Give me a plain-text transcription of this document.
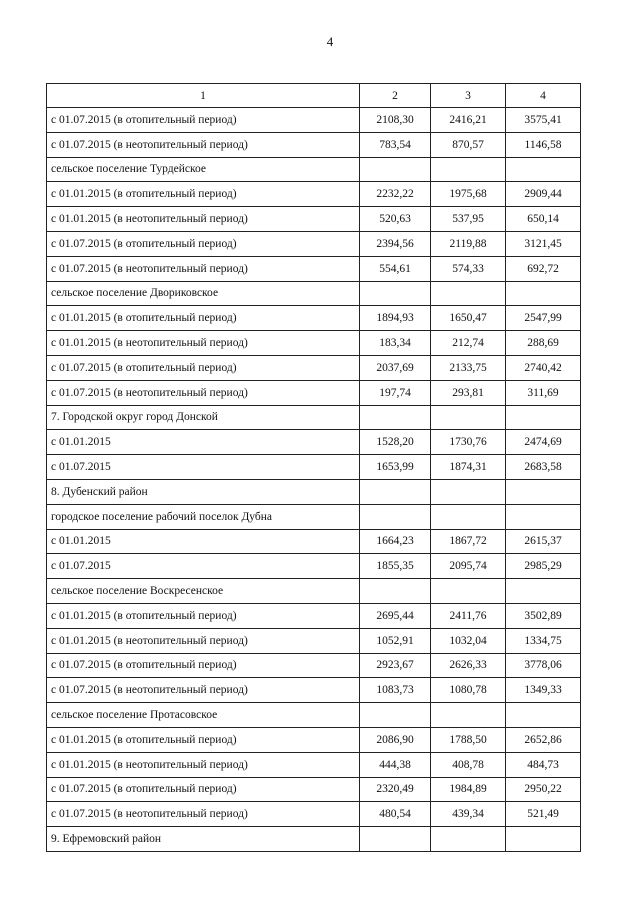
4
1	2	3	4
с 01.07.2015 (в отопительный период)	2108,30	2416,21	3575,41
с 01.07.2015 (в неотопительный период)	783,54	870,57	1146,58
сельское поселение Турдейское			
с 01.01.2015 (в отопительный период)	2232,22	1975,68	2909,44
с 01.01.2015 (в неотопительный период)	520,63	537,95	650,14
с 01.07.2015 (в отопительный период)	2394,56	2119,88	3121,45
с 01.07.2015 (в неотопительный период)	554,61	574,33	692,72
сельское поселение Двориковское			
с 01.01.2015 (в отопительный период)	1894,93	1650,47	2547,99
с 01.01.2015 (в неотопительный период)	183,34	212,74	288,69
с 01.07.2015 (в отопительный период)	2037,69	2133,75	2740,42
с 01.07.2015 (в неотопительный период)	197,74	293,81	311,69
7. Городской округ город Донской			
с 01.01.2015	1528,20	1730,76	2474,69
с 01.07.2015	1653,99	1874,31	2683,58
8. Дубенский район			
городское поселение рабочий поселок Дубна			
с 01.01.2015	1664,23	1867,72	2615,37
с 01.07.2015	1855,35	2095,74	2985,29
сельское поселение Воскресенское			
с 01.01.2015 (в отопительный период)	2695,44	2411,76	3502,89
с 01.01.2015 (в неотопительный период)	1052,91	1032,04	1334,75
с 01.07.2015 (в отопительный период)	2923,67	2626,33	3778,06
с 01.07.2015 (в неотопительный период)	1083,73	1080,78	1349,33
сельское поселение Протасовское			
с 01.01.2015 (в отопительный период)	2086,90	1788,50	2652,86
с 01.01.2015 (в неотопительный период)	444,38	408,78	484,73
с 01.07.2015 (в отопительный период)	2320,49	1984,89	2950,22
с 01.07.2015 (в неотопительный период)	480,54	439,34	521,49
9. Ефремовский район			
